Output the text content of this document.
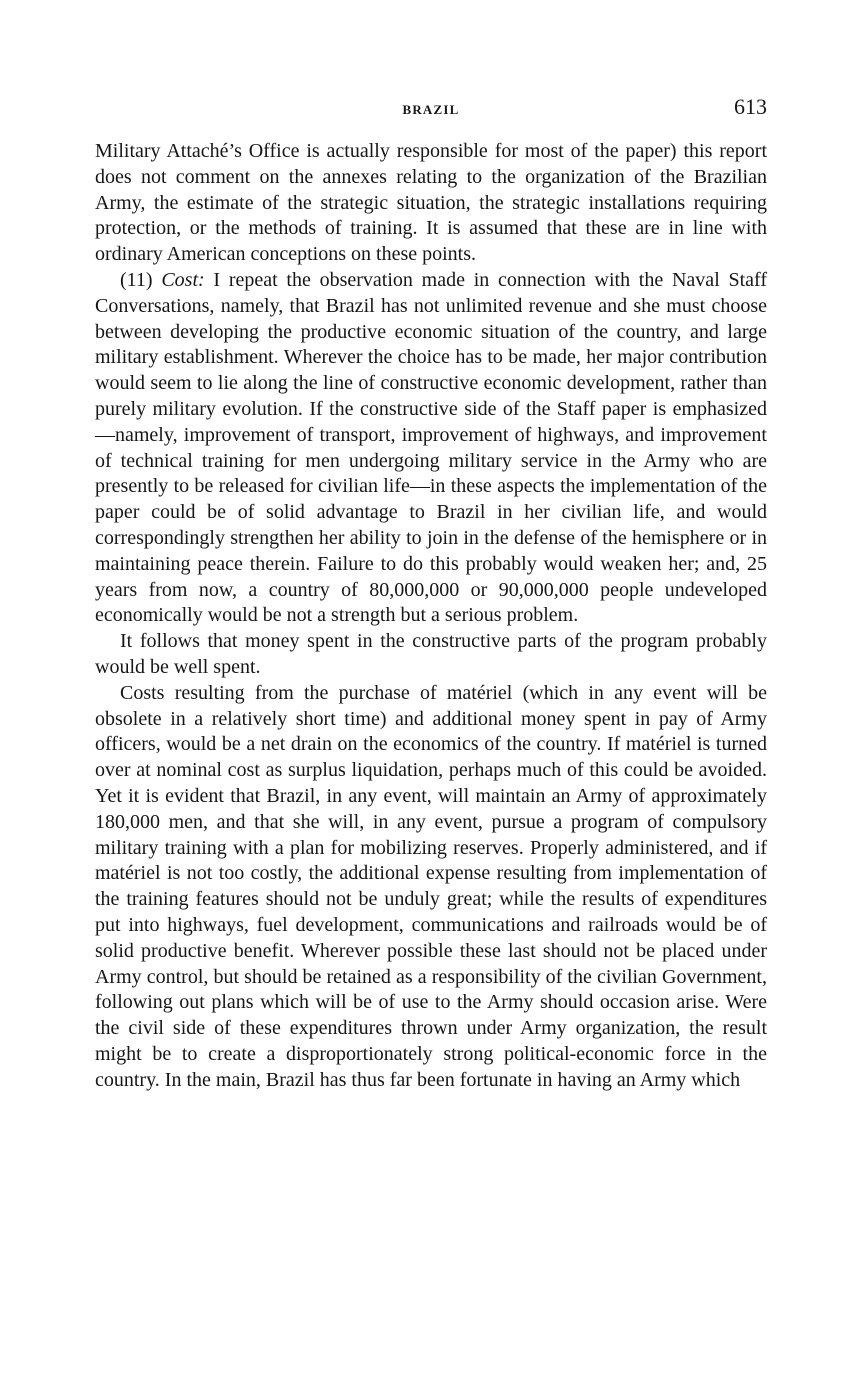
BRAZIL	613

Military Attaché’s Office is actually responsible for most of the paper) this report does not comment on the annexes relating to the organization of the Brazilian Army, the estimate of the strategic situation, the strategic installations requiring protection, or the methods of training. It is assumed that these are in line with ordinary American conceptions on these points.

(11) Cost: I repeat the observation made in connection with the Naval Staff Conversations, namely, that Brazil has not unlimited revenue and she must choose between developing the productive economic situation of the country, and large military establishment. Wherever the choice has to be made, her major contribution would seem to lie along the line of constructive economic development, rather than purely military evolution. If the constructive side of the Staff paper is emphasized—namely, improvement of transport, improvement of highways, and improvement of technical training for men undergoing military service in the Army who are presently to be released for civilian life—in these aspects the implementation of the paper could be of solid advantage to Brazil in her civilian life, and would correspondingly strengthen her ability to join in the defense of the hemisphere or in maintaining peace therein. Failure to do this probably would weaken her; and, 25 years from now, a country of 80,000,000 or 90,000,000 people undeveloped economically would be not a strength but a serious problem.

It follows that money spent in the constructive parts of the program probably would be well spent.

Costs resulting from the purchase of matériel (which in any event will be obsolete in a relatively short time) and additional money spent in pay of Army officers, would be a net drain on the economics of the country. If matériel is turned over at nominal cost as surplus liquidation, perhaps much of this could be avoided. Yet it is evident that Brazil, in any event, will maintain an Army of approximately 180,000 men, and that she will, in any event, pursue a program of compulsory military training with a plan for mobilizing reserves. Properly administered, and if matériel is not too costly, the additional expense resulting from implementation of the training features should not be unduly great; while the results of expenditures put into highways, fuel development, communications and railroads would be of solid productive benefit. Wherever possible these last should not be placed under Army control, but should be retained as a responsibility of the civilian Government, following out plans which will be of use to the Army should occasion arise. Were the civil side of these expenditures thrown under Army organization, the result might be to create a disproportionately strong political-economic force in the country. In the main, Brazil has thus far been fortunate in having an Army which
